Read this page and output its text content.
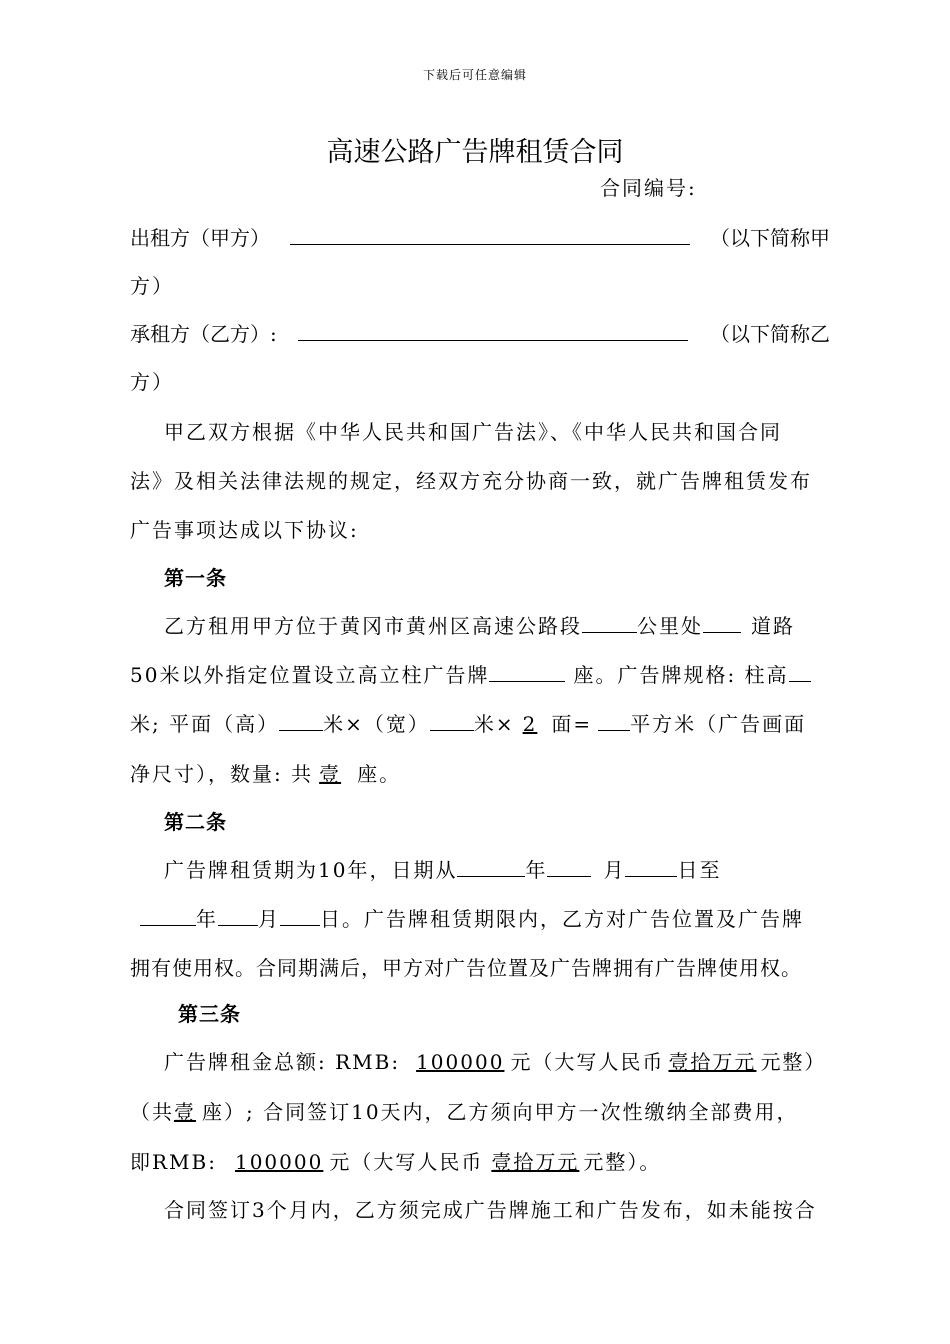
下载后可任意编辑
高速公路广告牌租赁合同
合同编号:
出租方（甲方）	（以下简称甲
方）
承租方（乙方）:	（以下简称乙
方）
甲乙双方根据《中华人民共和国广告法》、《中华人民共和国合同
法》及相关法律法规的规定，经双方充分协商一致，就广告牌租赁发布
广告事项达成以下协议:
第一条
乙方租用甲方位于黄冈市黄州区高速公路段	公里处 道路
50米以外指定位置设立高立柱广告牌	座。广告牌规格: 柱高
米; 平面（高） 米×（宽） 米× 2 面= 平方米（广告画面
净尺寸），数量: 共 壹 座。
第二条
广告牌租赁期为10年，日期从	年	月	日至
年 月 日。广告牌租赁期限内，乙方对广告位置及广告牌
拥有使用权。合同期满后，甲方对广告位置及广告牌拥有广告牌使用权。
第三条
广告牌租金总额: RMB: 100000 元（大写人民币 壹拾万元 元整）
（共壹 座）; 合同签订10天内，乙方须向甲方一次性缴纳全部费用，
即RMB: 100000 元（大写人民币 壹拾万元 元整）。
合同签订3个月内，乙方须完成广告牌施工和广告发布，如未能按合
